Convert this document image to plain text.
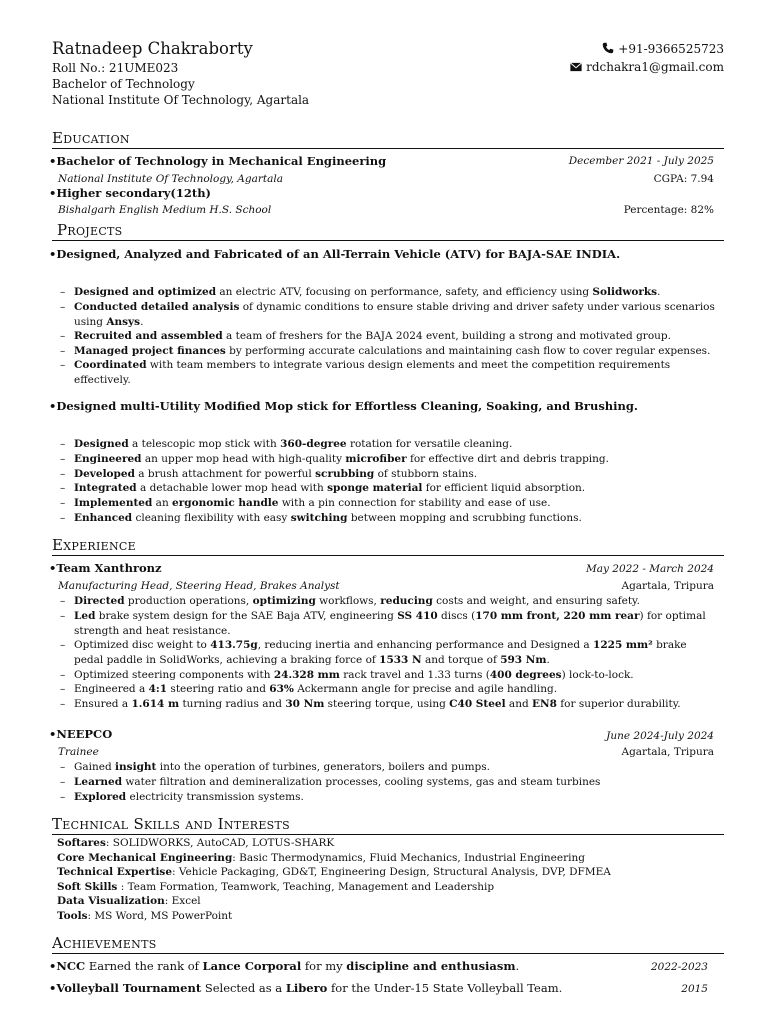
Ratnadeep Chakraborty
Roll No.: 21UME023
Bachelor of Technology
National Institute Of Technology, Agartala
+91-9366525723
rdchakra1@gmail.com
Education
•Bachelor of Technology in Mechanical Engineering	December 2021 - July 2025
National Institute Of Technology, Agartala	CGPA: 7.94
•Higher secondary(12th)
Bishalgarh English Medium H.S. School	Percentage: 82%
Projects
•Designed, Analyzed and Fabricated of an All-Terrain Vehicle (ATV) for BAJA-SAE INDIA.
– Designed and optimized an electric ATV, focusing on performance, safety, and efficiency using Solidworks.
– Conducted detailed analysis of dynamic conditions to ensure stable driving and driver safety under various scenarios
using Ansys.
– Recruited and assembled a team of freshers for the BAJA 2024 event, building a strong and motivated group.
– Managed project finances by performing accurate calculations and maintaining cash flow to cover regular expenses.
– Coordinated with team members to integrate various design elements and meet the competition requirements
effectively.
•Designed multi-Utility Modified Mop stick for Effortless Cleaning, Soaking, and Brushing.
– Designed a telescopic mop stick with 360-degree rotation for versatile cleaning.
– Engineered an upper mop head with high-quality microfiber for effective dirt and debris trapping.
– Developed a brush attachment for powerful scrubbing of stubborn stains.
– Integrated a detachable lower mop head with sponge material for efficient liquid absorption.
– Implemented an ergonomic handle with a pin connection for stability and ease of use.
– Enhanced cleaning flexibility with easy switching between mopping and scrubbing functions.
Experience
•Team Xanthronz	May 2022 - March 2024
Manufacturing Head, Steering Head, Brakes Analyst	Agartala, Tripura
– Directed production operations, optimizing workflows, reducing costs and weight, and ensuring safety.
– Led brake system design for the SAE Baja ATV, engineering SS 410 discs (170 mm front, 220 mm rear) for optimal
strength and heat resistance.
– Optimized disc weight to 413.75g, reducing inertia and enhancing performance and Designed a 1225 mm² brake
pedal paddle in SolidWorks, achieving a braking force of 1533 N and torque of 593 Nm.
– Optimized steering components with 24.328 mm rack travel and 1.33 turns (400 degrees) lock-to-lock.
– Engineered a 4:1 steering ratio and 63% Ackermann angle for precise and agile handling.
– Ensured a 1.614 m turning radius and 30 Nm steering torque, using C40 Steel and EN8 for superior durability.
•NEEPCO	June 2024-July 2024
Trainee	Agartala, Tripura
– Gained insight into the operation of turbines, generators, boilers and pumps.
– Learned water filtration and demineralization processes, cooling systems, gas and steam turbines
– Explored electricity transmission systems.
Technical Skills and Interests
Softares: SOLIDWORKS, AutoCAD, LOTUS-SHARK
Core Mechanical Engineering: Basic Thermodynamics, Fluid Mechanics, Industrial Engineering
Technical Expertise: Vehicle Packaging, GD&T, Engineering Design, Structural Analysis, DVP, DFMEA
Soft Skills : Team Formation, Teamwork, Teaching, Management and Leadership
Data Visualization: Excel
Tools: MS Word, MS PowerPoint
Achievements
•NCC Earned the rank of Lance Corporal for my discipline and enthusiasm.	2022-2023
•Volleyball Tournament Selected as a Libero for the Under-15 State Volleyball Team.	2015
